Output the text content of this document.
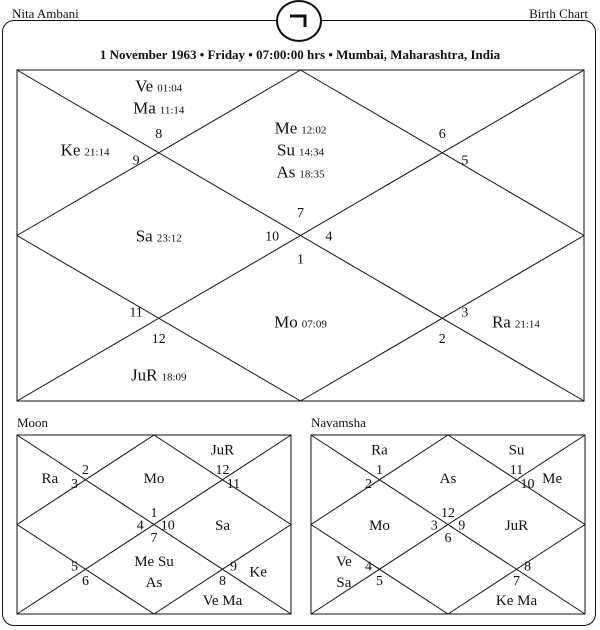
Nita Ambani	Birth Chart
1 November 1963 • Friday • 07:00:00 hrs • Mumbai, Maharashtra, India
Moon	Navamsha
7
Me 12:02
Su 14:34
As 18:35
8
Ve 01:04
Ma 11:14
9
Ke 21:14
10
Sa 23:12
11
12
JuR 18:09
1
Mo 07:09
2
3 Ra 21:14
4
5
6
1
Mo
2
3
Ra
4
5
6
7
Me Su
As	8
Ve Ma
9 Ke
10	Sa
11
12
JuR
12
As
1
Ra
2
3
Mo
4
Ve
Sa 5
6
7
Ke Ma
8
9	JuR
10 Me
11
Su
